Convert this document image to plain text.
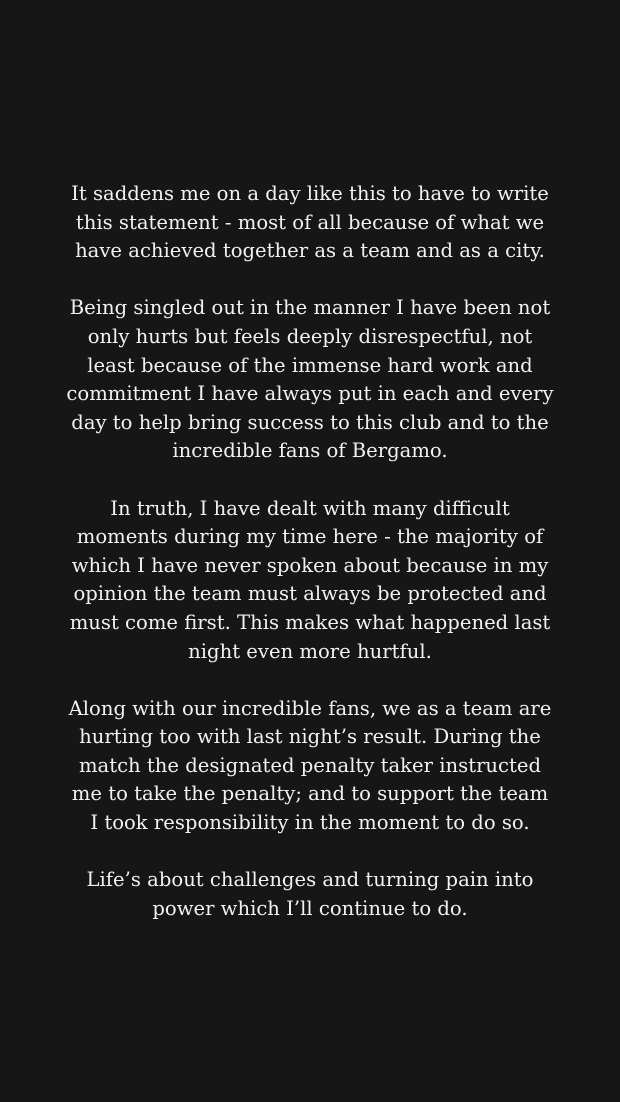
It saddens me on a day like this to have to write
this statement - most of all because of what we
have achieved together as a team and as a city.

Being singled out in the manner I have been not
only hurts but feels deeply disrespectful, not
least because of the immense hard work and
commitment I have always put in each and every
day to help bring success to this club and to the
incredible fans of Bergamo.

In truth, I have dealt with many difficult
moments during my time here - the majority of
which I have never spoken about because in my
opinion the team must always be protected and
must come first. This makes what happened last
night even more hurtful.

Along with our incredible fans, we as a team are
hurting too with last night’s result. During the
match the designated penalty taker instructed
me to take the penalty; and to support the team
I took responsibility in the moment to do so.

Life’s about challenges and turning pain into
power which I’ll continue to do.
